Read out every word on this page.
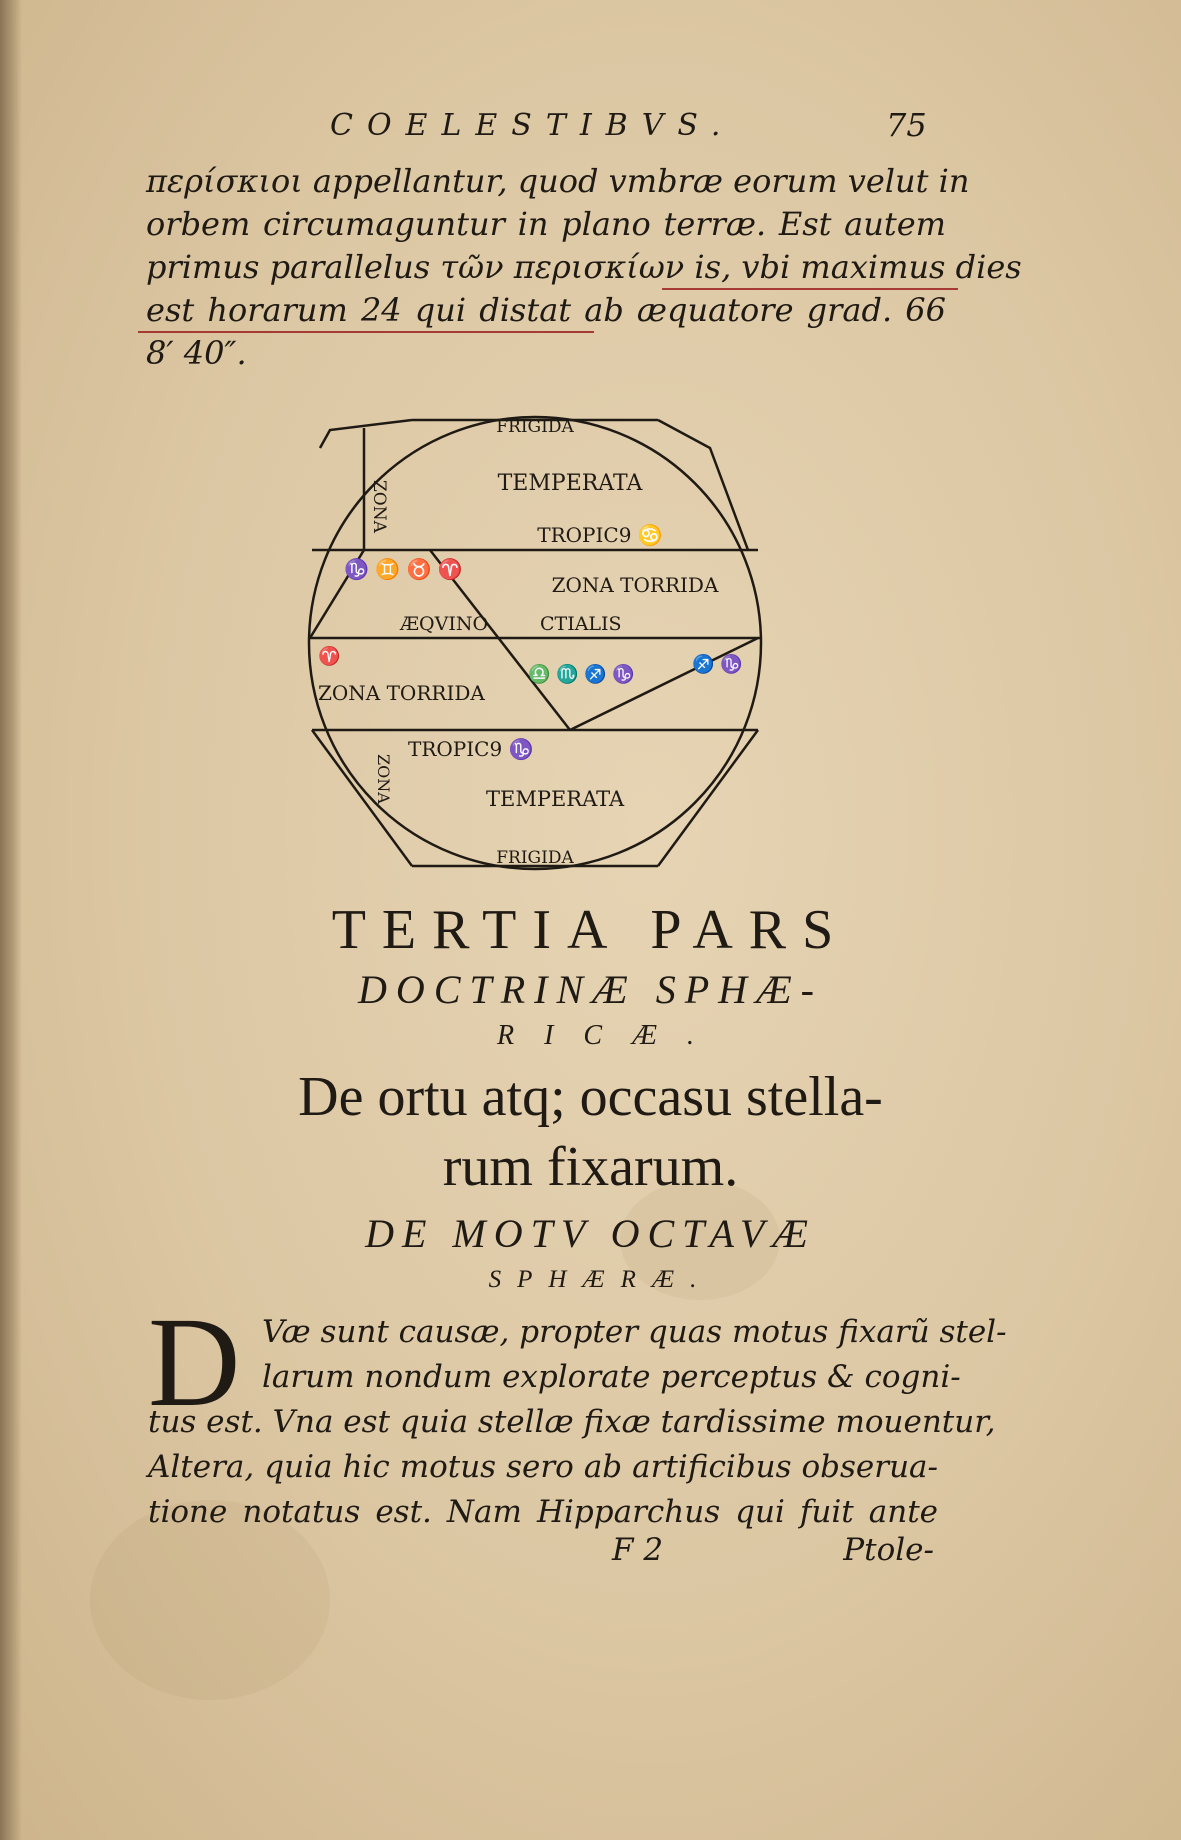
COELESTIBVS.	75
περίσκιοι appellantur, quod vmbræ eorum velut in
orbem circumaguntur in plano terræ. Est autem
primus parallelus τῶν περισκίων is, vbi maximus dies
est horarum 24 qui distat ab æquatore grad. 66
8′ 40″.
FRIGIDA
ZONA	TEMPERATA
TROPIC9 ♋
♑ ♊ ♉ ♈
ZONA TORRIDA
ÆQVINO	CTIALIS
♈
ZONA TORRIDA
♎ ♏ ♐ ♑	♐ ♑
TROPIC9 ♑
ZONA	TEMPERATA
FRIGIDA
TERTIA PARS
DOCTRINÆ SPHÆ-
RICÆ.
De ortu atq; occasu stella-
rum fixarum.
DE MOTV OCTAVÆ
SPHÆRÆ.
D Væ sunt causæ, propter quas motus fixarũ stel-
larum nondum explorate perceptus & cogni-
tus est. Vna est quia stellæ fixæ tardissime mouentur,
Altera, quia hic motus sero ab artificibus obserua-
tione notatus est. Nam Hipparchus qui fuit ante
F 2	Ptole-
